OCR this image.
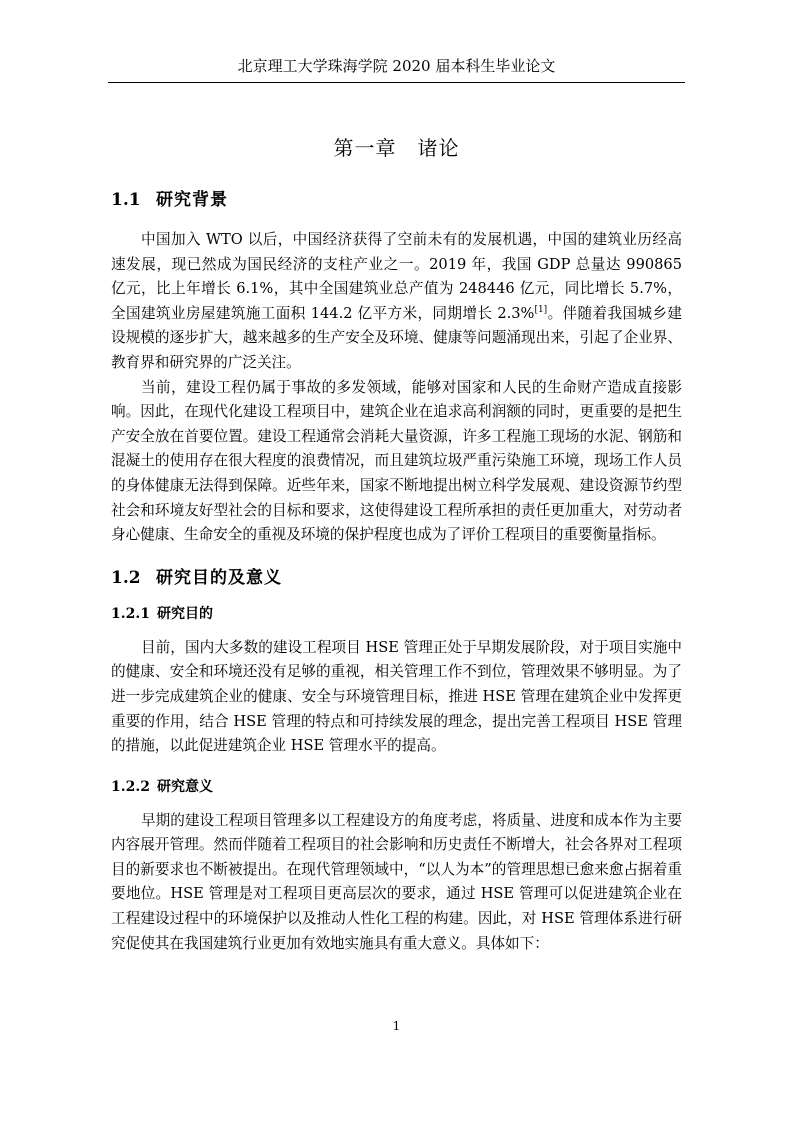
北京理工大学珠海学院 2020 届本科生毕业论文
第一章　诸论
1.1 研究背景

中国加入 WTO 以后，中国经济获得了空前未有的发展机遇，中国的建筑业历经高速发展，现已然成为国民经济的支柱产业之一。2019 年，我国 GDP 总量达 990865 亿元，比上年增长 6.1%，其中全国建筑业总产值为 248446 亿元，同比增长 5.7%，全国建筑业房屋建筑施工面积 144.2 亿平方米，同期增长 2.3%[1]。伴随着我国城乡建设规模的逐步扩大，越来越多的生产安全及环境、健康等问题涌现出来，引起了企业界、教育界和研究界的广泛关注。

当前，建设工程仍属于事故的多发领域，能够对国家和人民的生命财产造成直接影响。因此，在现代化建设工程项目中，建筑企业在追求高利润额的同时，更重要的是把生产安全放在首要位置。建设工程通常会消耗大量资源，许多工程施工现场的水泥、钢筋和混凝土的使用存在很大程度的浪费情况，而且建筑垃圾严重污染施工环境，现场工作人员的身体健康无法得到保障。近些年来，国家不断地提出树立科学发展观、建设资源节约型社会和环境友好型社会的目标和要求，这使得建设工程所承担的责任更加重大，对劳动者身心健康、生命安全的重视及环境的保护程度也成为了评价工程项目的重要衡量指标。

1.2 研究目的及意义
1.2.1 研究目的

目前，国内大多数的建设工程项目 HSE 管理正处于早期发展阶段，对于项目实施中的健康、安全和环境还没有足够的重视，相关管理工作不到位，管理效果不够明显。为了进一步完成建筑企业的健康、安全与环境管理目标，推进 HSE 管理在建筑企业中发挥更重要的作用，结合 HSE 管理的特点和可持续发展的理念，提出完善工程项目 HSE 管理的措施，以此促进建筑企业 HSE 管理水平的提高。

1.2.2 研究意义

早期的建设工程项目管理多以工程建设方的角度考虑，将质量、进度和成本作为主要内容展开管理。然而伴随着工程项目的社会影响和历史责任不断增大，社会各界对工程项目的新要求也不断被提出。在现代管理领域中，“以人为本”的管理思想已愈来愈占据着重要地位。HSE 管理是对工程项目更高层次的要求，通过 HSE 管理可以促进建筑企业在工程建设过程中的环境保护以及推动人性化工程的构建。因此，对 HSE 管理体系进行研究促使其在我国建筑行业更加有效地实施具有重大意义。具体如下：

1
